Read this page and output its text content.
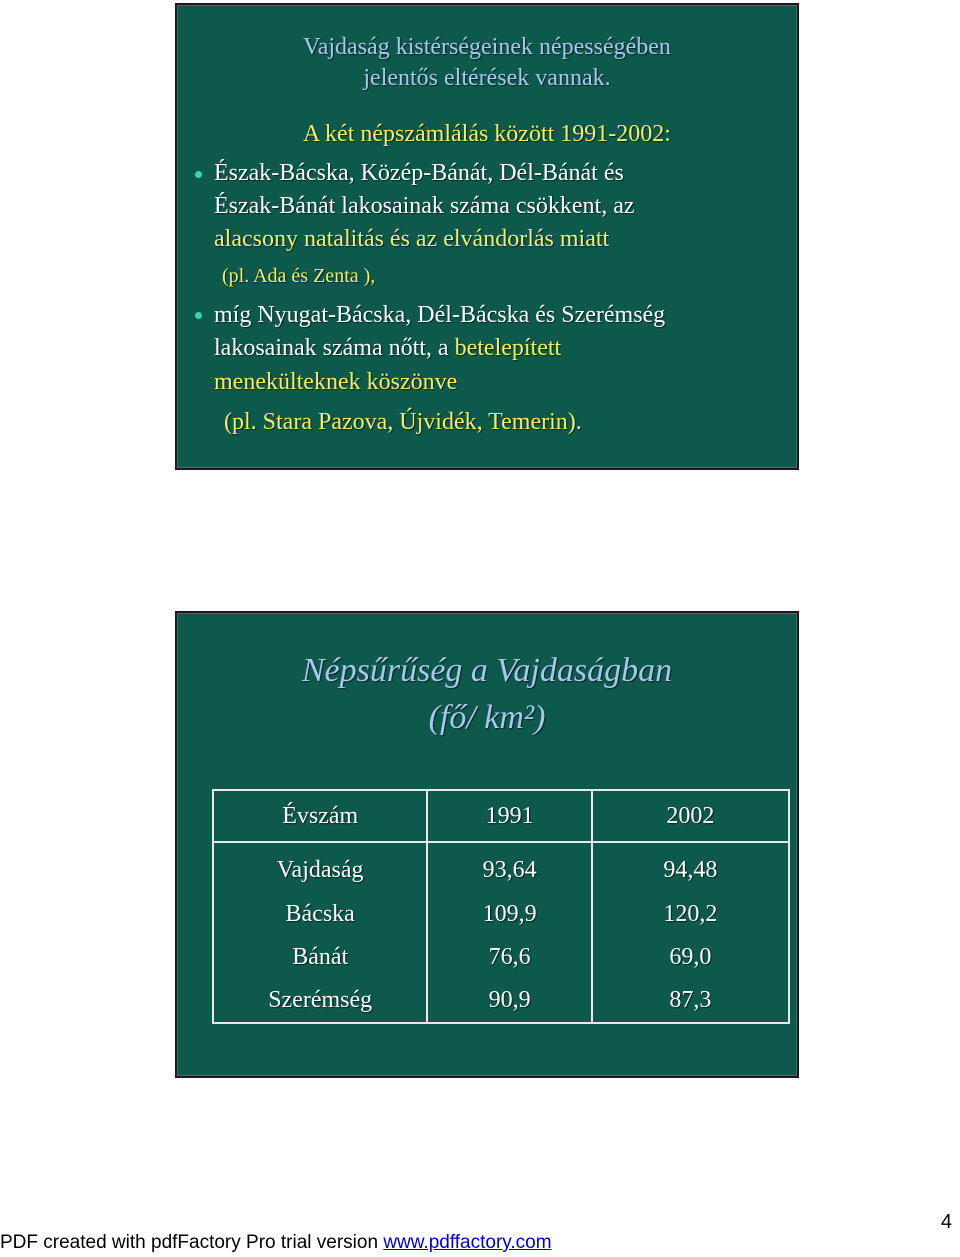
Vajdaság kistérségeinek népességében
jelentős eltérések vannak.
A két népszámlálás között 1991-2002:
Észak-Bácska, Közép-Bánát, Dél-Bánát és
Észak-Bánát lakosainak száma csökkent, az
alacsony natalitás és az elvándorlás miatt
(pl. Ada és Zenta ),
míg Nyugat-Bácska, Dél-Bácska és Szerémség
lakosainak száma nőtt, a betelepített
menekülteknek köszönve
(pl. Stara Pazova, Újvidék, Temerin).
Népsűrűség a Vajdaságban
(fő/ km²)
Évszám	1991	2002
Vajdaság	93,64	94,48
Bácska	109,9	120,2
Bánát	76,6	69,0
Szerémség	90,9	87,3
4
PDF created with pdfFactory Pro trial version www.pdffactory.com
